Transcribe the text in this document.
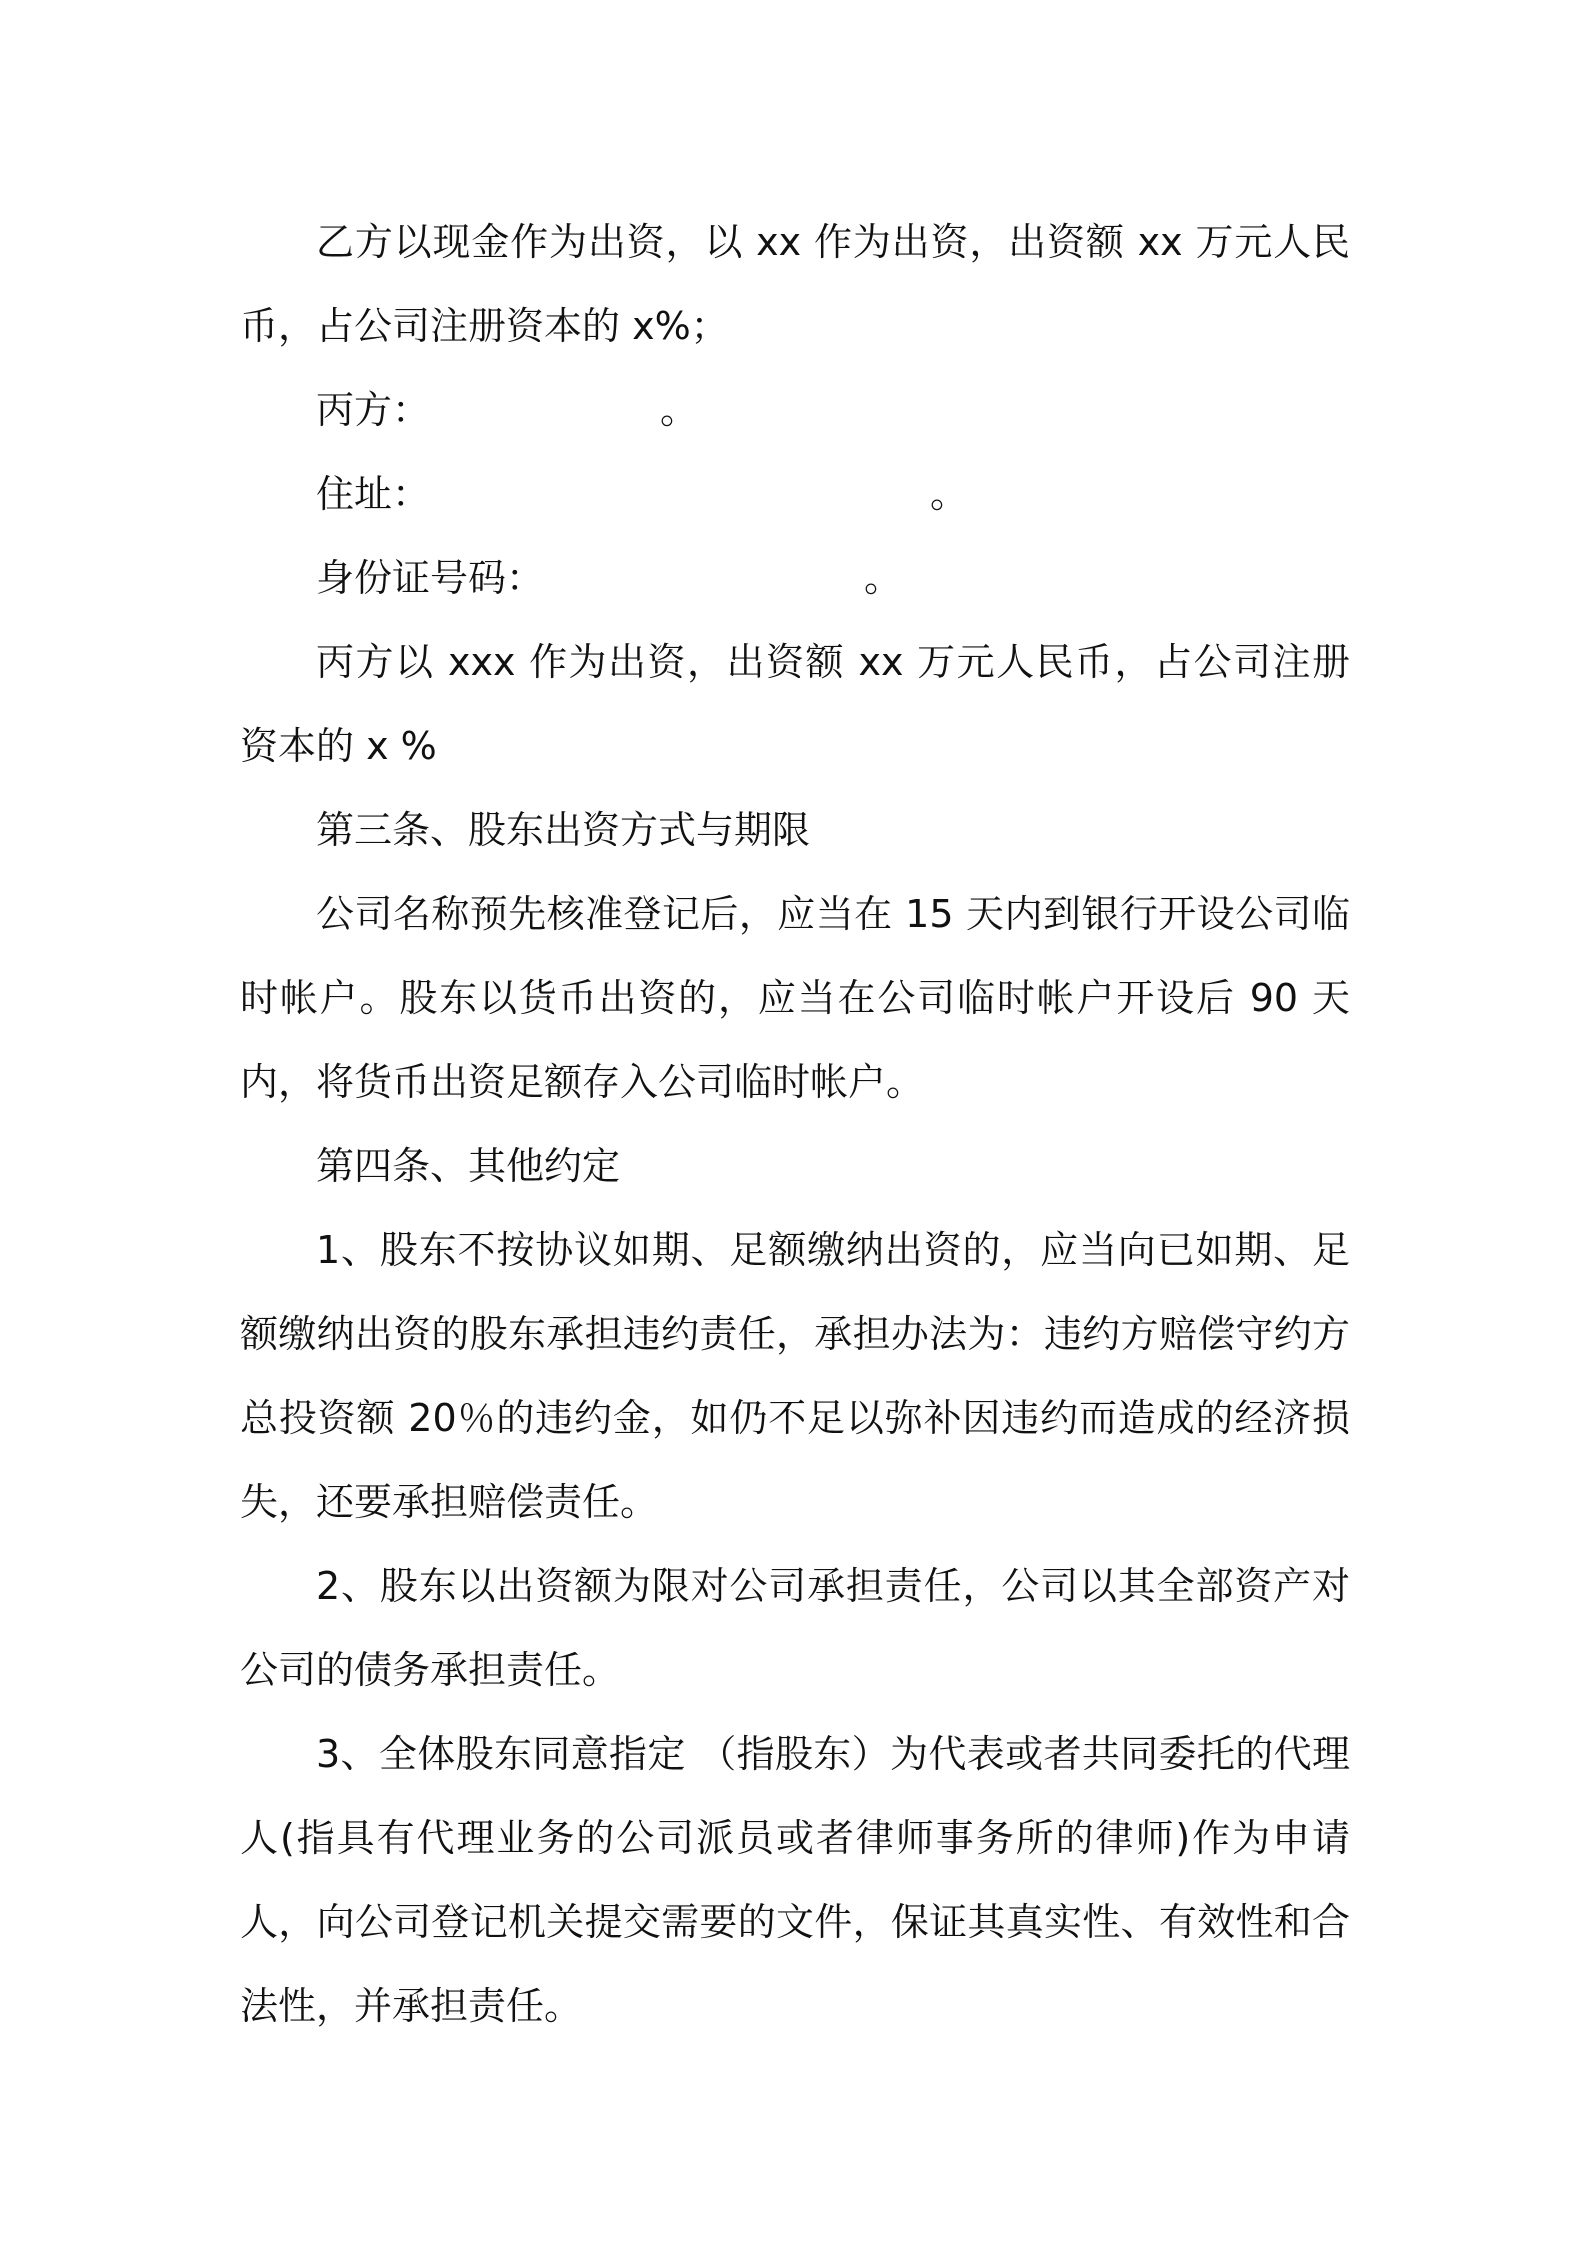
乙方以现金作为出资，以 xx 作为出资，出资额 xx 万元人民币，占公司注册资本的 x%；

丙方：	。

住址：	。

身份证号码：	。

丙方以 xxx 作为出资，出资额 xx 万元人民币，占公司注册资本的 x %

第三条、股东出资方式与期限

公司名称预先核准登记后，应当在 15 天内到银行开设公司临时帐户。股东以货币出资的，应当在公司临时帐户开设后 90 天内，将货币出资足额存入公司临时帐户。

第四条、其他约定

1、股东不按协议如期、足额缴纳出资的，应当向已如期、足额缴纳出资的股东承担违约责任，承担办法为：违约方赔偿守约方总投资额 20％的违约金，如仍不足以弥补因违约而造成的经济损失，还要承担赔偿责任。

2、股东以出资额为限对公司承担责任，公司以其全部资产对公司的债务承担责任。

3、全体股东同意指定 （指股东）为代表或者共同委托的代理人(指具有代理业务的公司派员或者律师事务所的律师)作为申请人，向公司登记机关提交需要的文件，保证其真实性、有效性和合法性，并承担责任。
